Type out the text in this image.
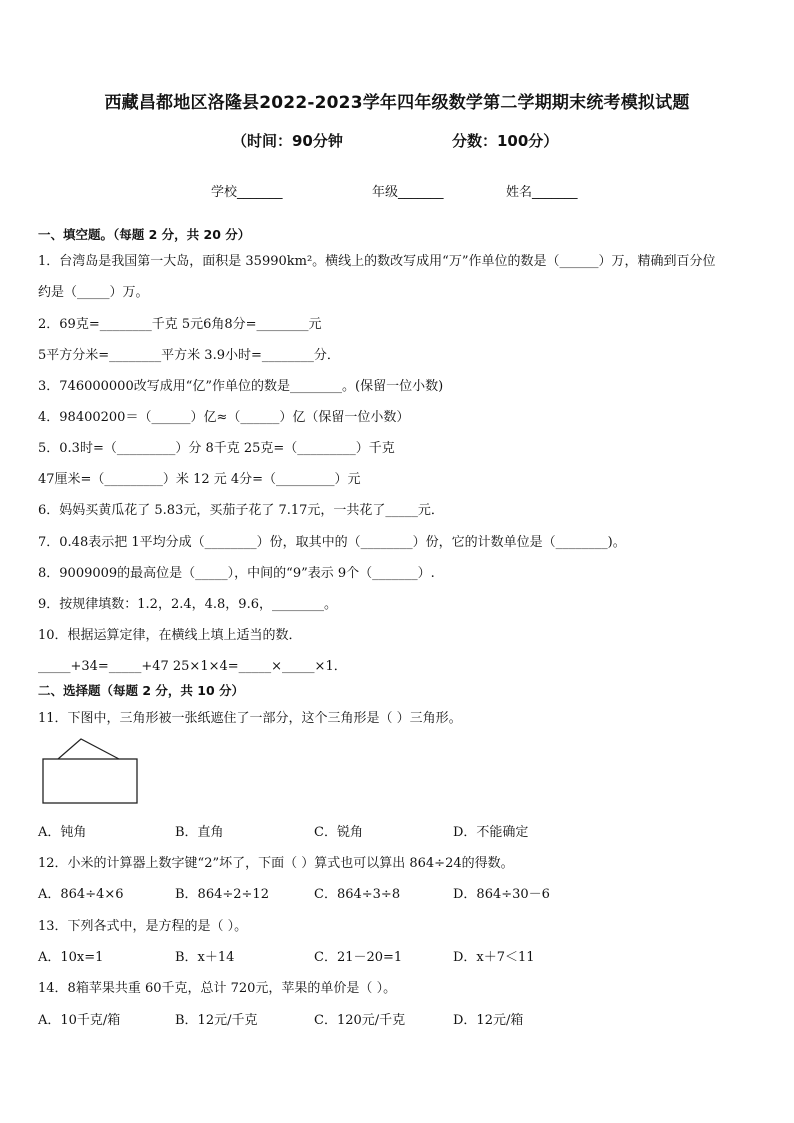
西藏昌都地区洛隆县2022-2023学年四年级数学第二学期期末统考模拟试题
（时间：90分钟	分数：100分）
学校_______	年级_______	姓名_______
一、填空题。（每题 2 分，共 20 分）
1．台湾岛是我国第一大岛，面积是 35990km²。横线上的数改写成用“万”作单位的数是（______）万，精确到百分位
约是（_____）万。
2．69克=________千克 5元6角8分=________元
5平方分米=________平方米 3.9小时=________分．
3．746000000改写成用“亿”作单位的数是________。(保留一位小数)
4．98400200＝（______）亿≈（______）亿（保留一位小数）
5．0.3时=（_________）分 8千克 25克=（_________）千克
47厘米=（_________）米 12 元 4分=（_________）元
6．妈妈买黄瓜花了 5.83元，买茄子花了 7.17元，一共花了_____元．
7．0.48表示把 1平均分成（________）份，取其中的（________）份，它的计数单位是（________)。
8．9009009的最高位是（_____），中间的“9”表示 9个（_______）.
9．按规律填数：1.2，2.4，4.8，9.6，________。
10．根据运算定律，在横线上填上适当的数．
_____+34=_____+47 25×1×4=_____×_____×1．
二、选择题（每题 2 分，共 10 分）
11．下图中，三角形被一张纸遮住了一部分，这个三角形是（ ）三角形。
A．钝角	B．直角	C．锐角	D．不能确定
12．小米的计算器上数字键“2”坏了，下面（ ）算式也可以算出 864÷24的得数。
A．864÷4×6	B．864÷2÷12	C．864÷3÷8	D．864÷30－6
13．下列各式中，是方程的是（ ）。
A．10x=1	B．x＋14	C．21－20=1	D．x＋7＜11
14．8箱苹果共重 60千克，总计 720元，苹果的单价是（ ）。
A．10千克/箱	B．12元/千克	C．120元/千克	D．12元/箱
